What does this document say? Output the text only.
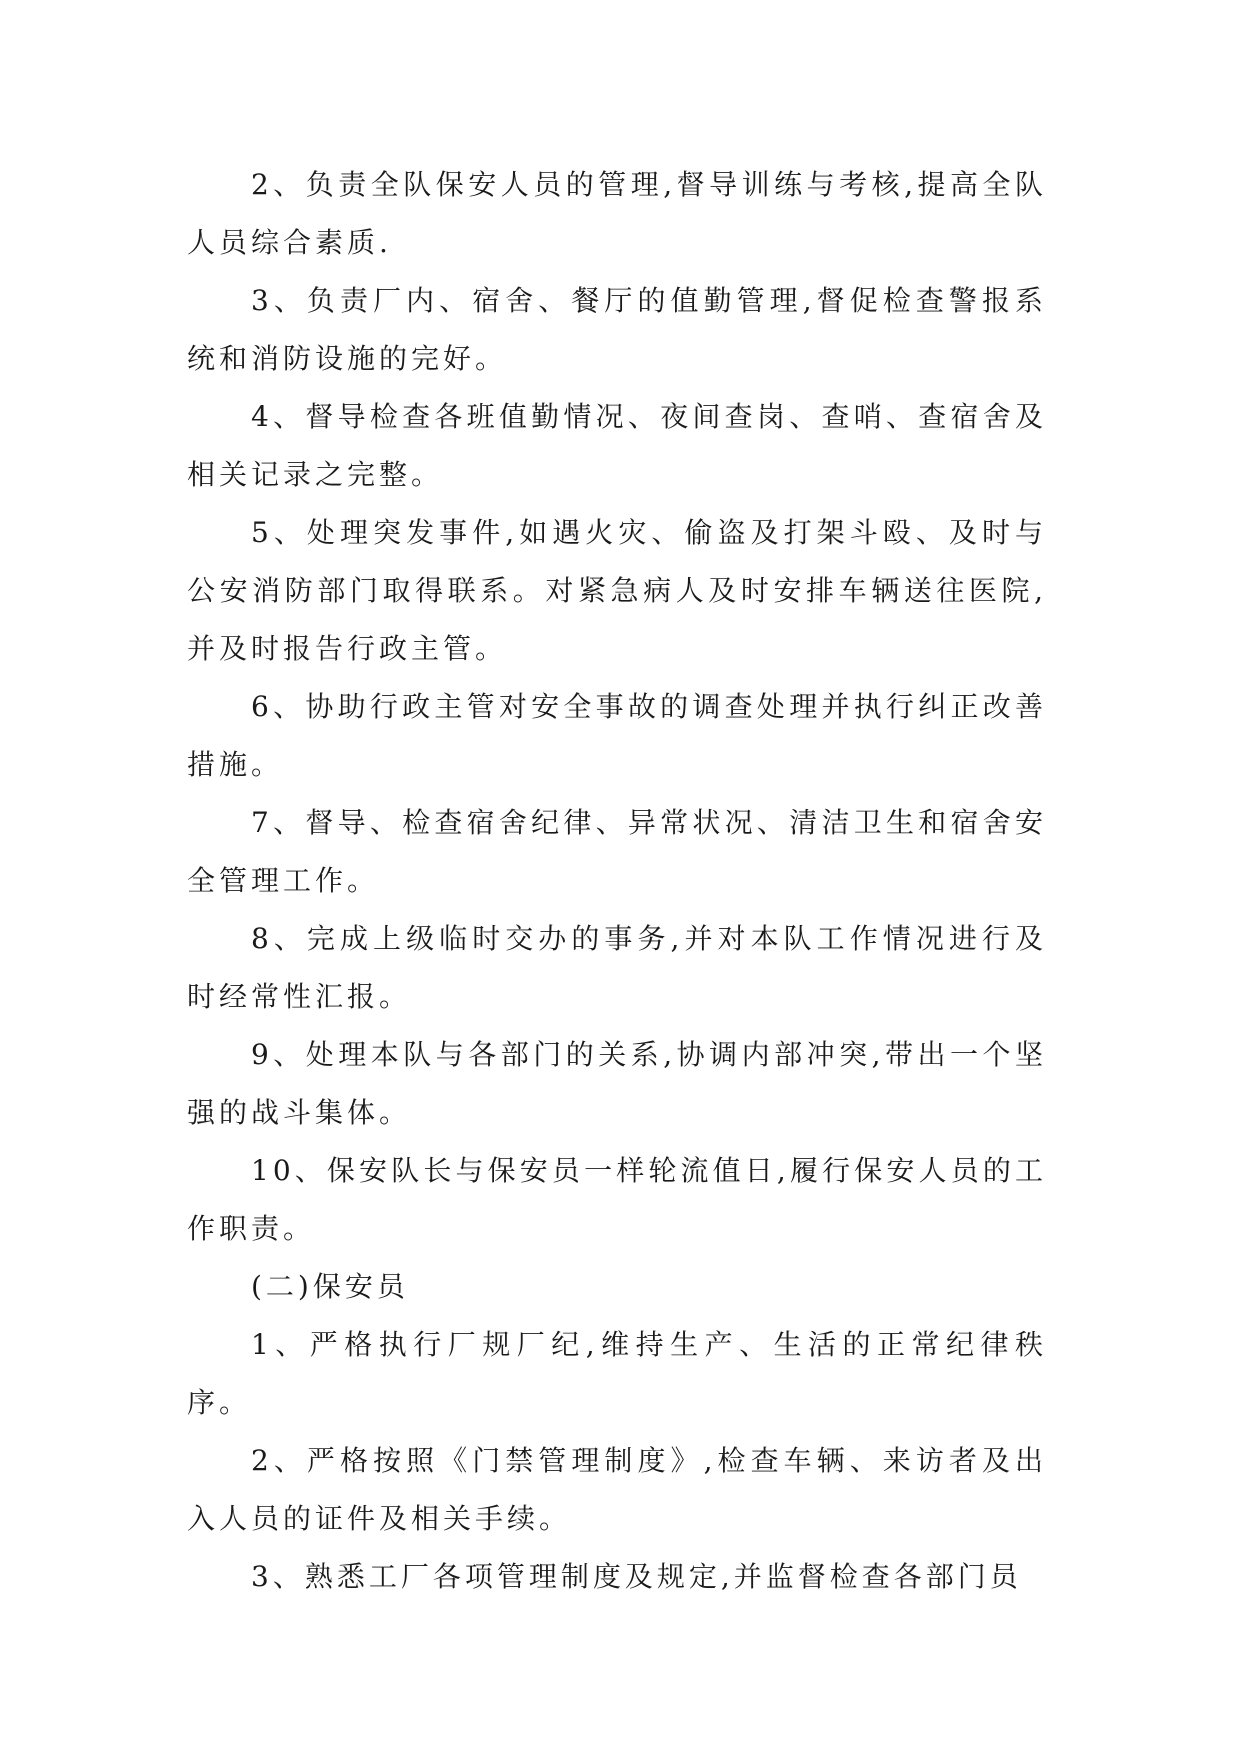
2、负责全队保安人员的管理,督导训练与考核,提高全队人员综合素质.

3、负责厂内、宿舍、餐厅的值勤管理,督促检查警报系统和消防设施的完好。

4、督导检查各班值勤情况、夜间查岗、查哨、查宿舍及相关记录之完整。

5、处理突发事件,如遇火灾、偷盗及打架斗殴、及时与公安消防部门取得联系。对紧急病人及时安排车辆送往医院,并及时报告行政主管。

6、协助行政主管对安全事故的调查处理并执行纠正改善措施。

7、督导、检查宿舍纪律、异常状况、清洁卫生和宿舍安全管理工作。

8、完成上级临时交办的事务,并对本队工作情况进行及时经常性汇报。

9、处理本队与各部门的关系,协调内部冲突,带出一个坚强的战斗集体。

10、保安队长与保安员一样轮流值日,履行保安人员的工作职责。

(二)保安员

1、严格执行厂规厂纪,维持生产、生活的正常纪律秩序。

2、严格按照《门禁管理制度》,检查车辆、来访者及出入人员的证件及相关手续。

3、熟悉工厂各项管理制度及规定,并监督检查各部门员
